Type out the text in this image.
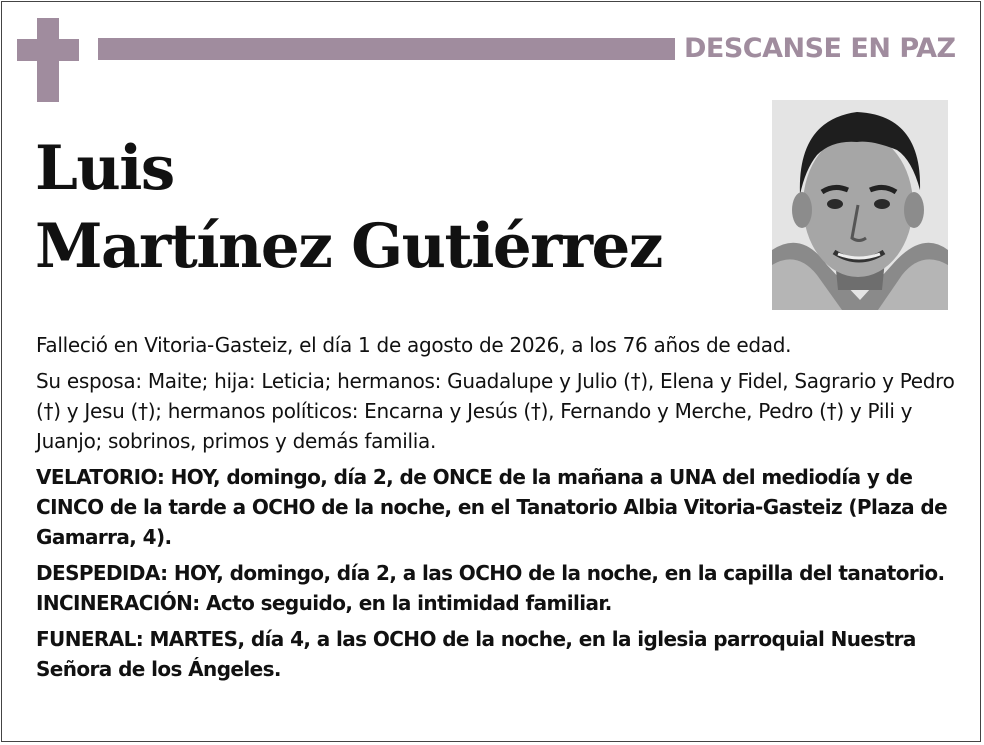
DESCANSE EN PAZ
Luis
Martínez Gutiérrez

Falleció en Vitoria-Gasteiz, el día 1 de agosto de 2026, a los 76 años de edad.

Su esposa: Maite; hija: Leticia; hermanos: Guadalupe y Julio (†), Elena y Fidel, Sagrario y Pedro (†) y Jesu (†); hermanos políticos: Encarna y Jesús (†), Fernando y Merche, Pedro (†) y Pili y Juanjo; sobrinos, primos y demás familia.

VELATORIO: HOY, domingo, día 2, de ONCE de la mañana a UNA del mediodía y de CINCO de la tarde a OCHO de la noche, en el Tanatorio Albia Vitoria-Gasteiz (Plaza de Gamarra, 4).

DESPEDIDA: HOY, domingo, día 2, a las OCHO de la noche, en la capilla del tanatorio. INCINERACIÓN: Acto seguido, en la intimidad familiar.

FUNERAL: MARTES, día 4, a las OCHO de la noche, en la iglesia parroquial Nuestra Señora de los Ángeles.
